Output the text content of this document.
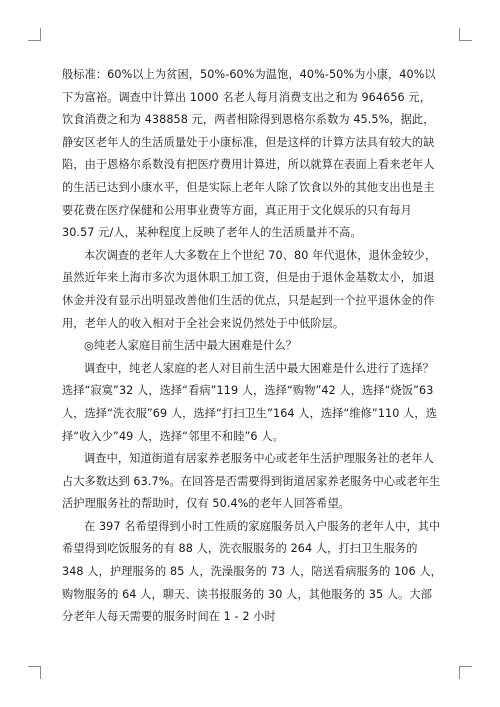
般标准：60%以上为贫困，50%-60%为温饱，40%-50%为小康，40%以下为富裕。调查中计算出 1000 名老人每月消费支出之和为 964656 元，饮食消费之和为 438858 元，两者相除得到恩格尔系数为 45.5%，据此，静安区老年人的生活质量处于小康标准，但是这样的计算方法具有较大的缺陷，由于恩格尔系数没有把医疗费用计算进，所以就算在表面上看来老年人的生活已达到小康水平，但是实际上老年人除了饮食以外的其他支出也是主要花费在医疗保健和公用事业费等方面，真正用于文化娱乐的只有每月 30.57 元/人，某种程度上反映了老年人的生活质量并不高。

本次调查的老年人大多数在上个世纪 70、80 年代退休，退休金较少，虽然近年来上海市多次为退休职工加工资，但是由于退休金基数太小，加退休金并没有显示出明显改善他们生活的优点，只是起到一个拉平退休金的作用，老年人的收入相对于全社会来说仍然处于中低阶层。

◎纯老人家庭目前生活中最大困难是什么？

调查中，纯老人家庭的老人对目前生活中最大困难是什么进行了选择？选择“寂寞”32 人，选择“看病”119 人，选择“购物”42 人，选择“烧饭”63 人，选择“洗衣服”69 人，选择“打扫卫生”164 人，选择“维修”110 人，选择“收入少”49 人，选择“邻里不和睦”6 人。

调查中，知道街道有居家养老服务中心或老年生活护理服务社的老年人占大多数达到 63.7%。在回答是否需要得到街道居家养老服务中心或老年生活护理服务社的帮助时，仅有 50.4%的老年人回答希望。

在 397 名希望得到小时工性质的家庭服务员入户服务的老年人中，其中希望得到吃饭服务的有 88 人，洗衣服服务的 264 人，打扫卫生服务的 348 人，护理服务的 85 人，洗澡服务的 73 人，陪送看病服务的 106 人，购物服务的 64 人，聊天、读书报服务的 30 人，其他服务的 35 人。大部分老年人每天需要的服务时间在 1 - 2 小时
